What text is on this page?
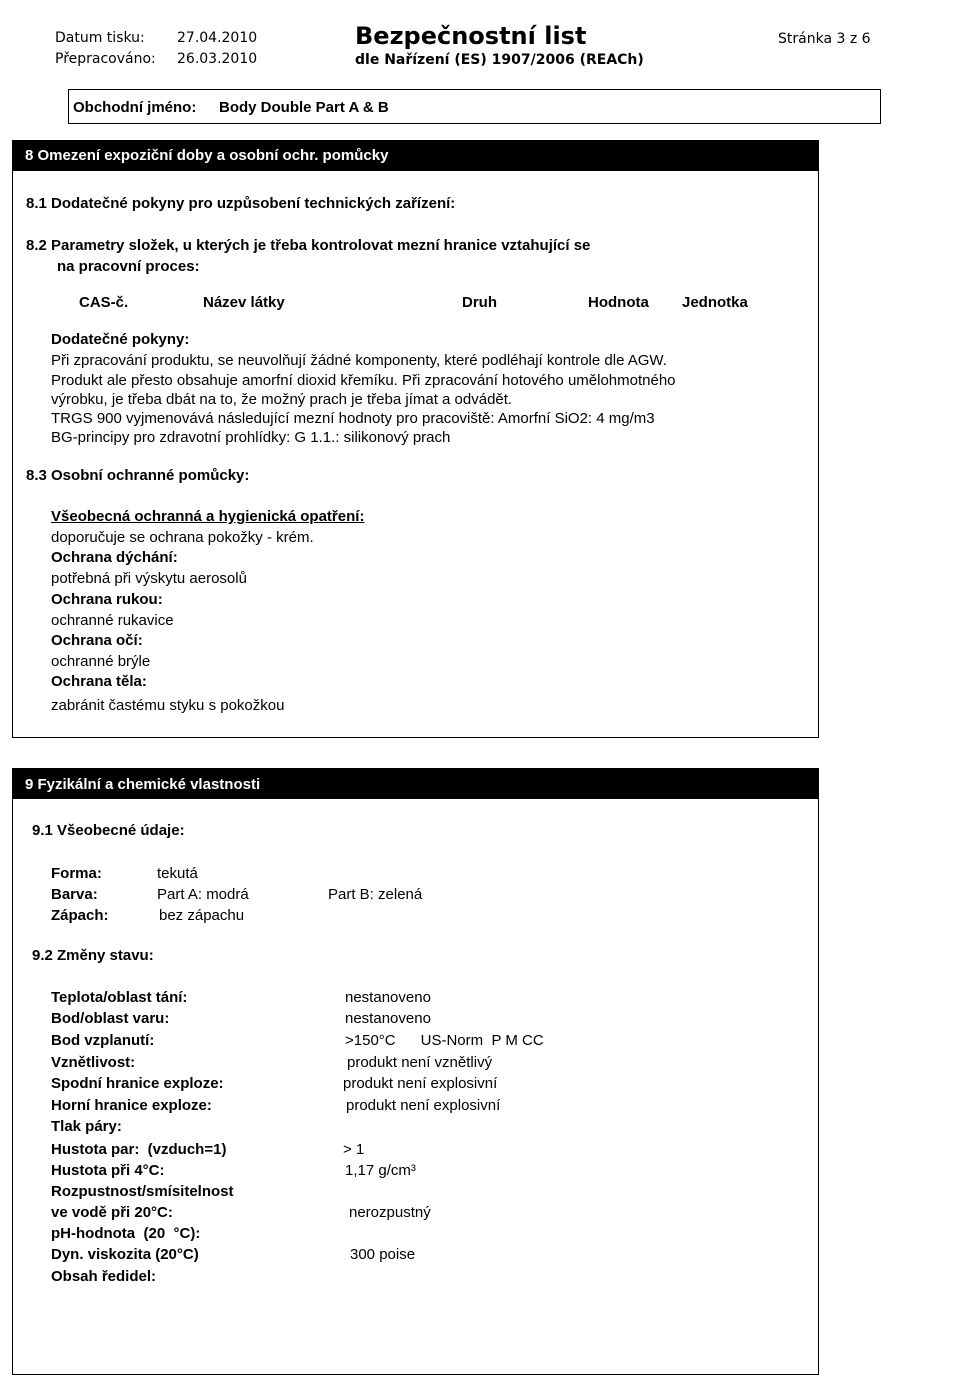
Datum tisku: 27.04.2010
Přepracováno: 26.03.2010
Bezpečnostní list
dle Nařízení (ES) 1907/2006 (REACh)
Stránka 3 z 6
Obchodní jméno: Body Double Part A & B
8 Omezení expoziční doby a osobní ochr. pomůcky
8.1 Dodatečné pokyny pro uzpůsobení technických zařízení:
8.2 Parametry složek, u kterých je třeba kontrolovat mezní hranice vztahující se
na pracovní proces:
CAS-č.	Název látky	Druh	Hodnota Jednotka
Dodatečné pokyny:
Při zpracování produktu, se neuvolňují žádné komponenty, které podléhají kontrole dle AGW.
Produkt ale přesto obsahuje amorfní dioxid křemíku. Při zpracování hotového umělohmotného
výrobku, je třeba dbát na to, že možný prach je třeba jímat a odvádět.
TRGS 900 vyjmenovává následující mezní hodnoty pro pracoviště: Amorfní SiO2: 4 mg/m3
BG-principy pro zdravotní prohlídky: G 1.1.: silikonový prach
8.3 Osobní ochranné pomůcky:
Všeobecná ochranná a hygienická opatření:
doporučuje se ochrana pokožky - krém.
Ochrana dýchání:
potřebná při výskytu aerosolů
Ochrana rukou:
ochranné rukavice
Ochrana očí:
ochranné brýle
Ochrana těla:
zabránit častému styku s pokožkou
9 Fyzikální a chemické vlastnosti
9.1 Všeobecné údaje:
Forma:	tekutá
Barva:	Part A: modrá	Part B: zelená
Zápach:	bez zápachu
9.2 Změny stavu:
Teplota/oblast tání:	nestanoveno
Bod/oblast varu:	nestanoveno
Bod vzplanutí:	>150°C      US-Norm  P M CC
Vznětlivost:	produkt není vznětlivý
Spodní hranice exploze:	produkt není explosivní
Horní hranice exploze:	produkt není explosivní
Tlak páry:
Hustota par:  (vzduch=1)	> 1
Hustota při 4°C:	1,17 g/cm³
Rozpustnost/smísitelnost
ve vodě při 20°C:	nerozpustný
pH-hodnota  (20  °C):
Dyn. viskozita (20°C)	300 poise
Obsah ředidel:
